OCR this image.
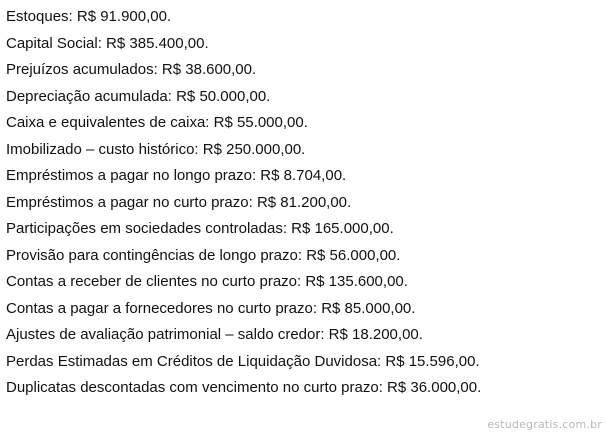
Estoques: R$ 91.900,00.
Capital Social: R$ 385.400,00.
Prejuízos acumulados: R$ 38.600,00.
Depreciação acumulada: R$ 50.000,00.
Caixa e equivalentes de caixa: R$ 55.000,00.
Imobilizado – custo histórico: R$ 250.000,00.
Empréstimos a pagar no longo prazo: R$ 8.704,00.
Empréstimos a pagar no curto prazo: R$ 81.200,00.
Participações em sociedades controladas: R$ 165.000,00.
Provisão para contingências de longo prazo: R$ 56.000,00.
Contas a receber de clientes no curto prazo: R$ 135.600,00.
Contas a pagar a fornecedores no curto prazo: R$ 85.000,00.
Ajustes de avaliação patrimonial – saldo credor: R$ 18.200,00.
Perdas Estimadas em Créditos de Liquidação Duvidosa: R$ 15.596,00.
Duplicatas descontadas com vencimento no curto prazo: R$ 36.000,00.
estudegratis.com.br
